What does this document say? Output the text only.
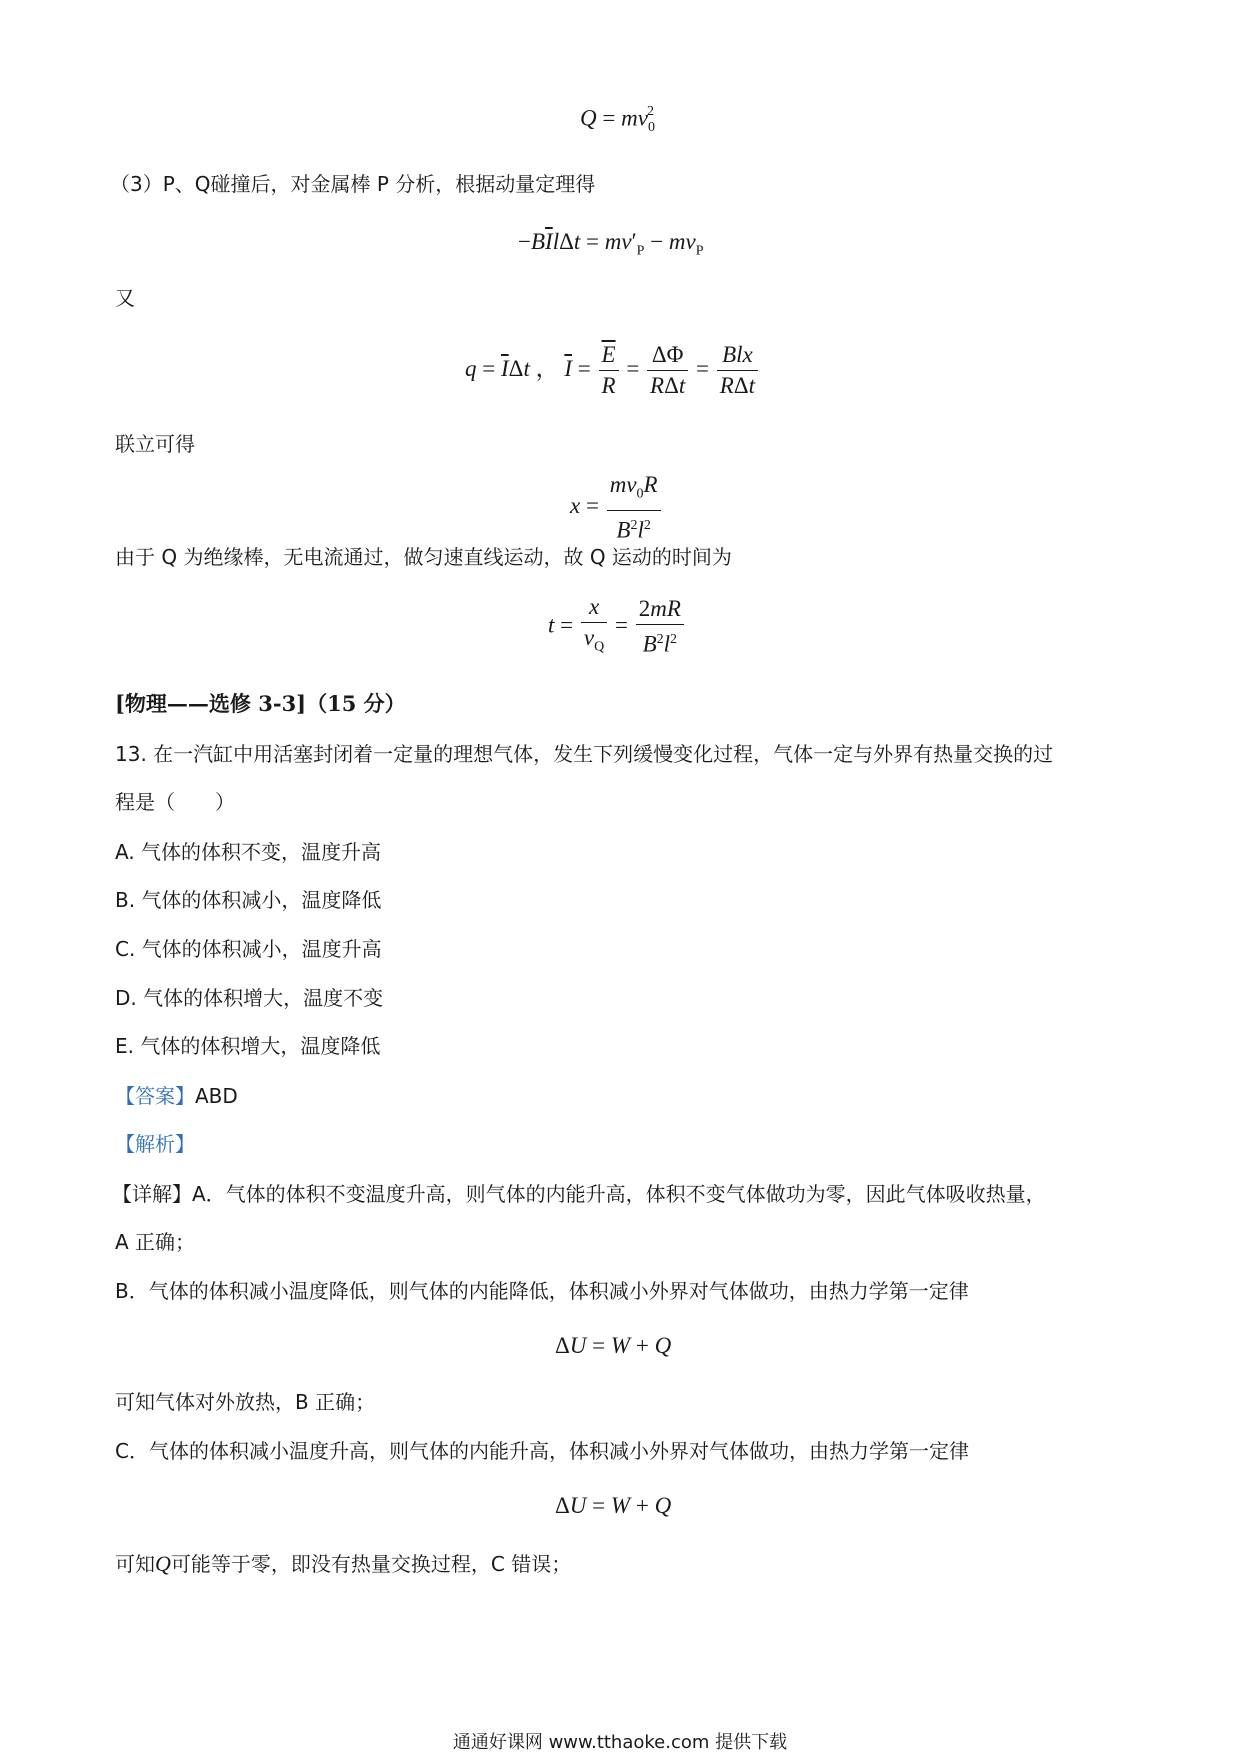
$Q = mv_0^2$
（3）P、Q碰撞后，对金属棒 P 分析，根据动量定理得
$-B\overline{I}l\Delta t = mv'_P - mv_P$
又
$q = \overline{I}\Delta t$ ， $\overline{I} = \frac{\overline{E}}{R} = \frac{\Delta\Phi}{\text{RΔt}} = \frac{\text{Blx}}{\text{RΔt}}$
联立可得
$x = \frac{mv_0R}{B^2l^2}$
由于 Q 为绝缘棒，无电流通过，做匀速直线运动，故 Q 运动的时间为
$t = \frac{x}{v_Q} = \frac{2mR}{B^2l^2}$
[物理——选修 3-3]（15 分）
13. 在一汽缸中用活塞封闭着一定量的理想气体，发生下列缓慢变化过程，气体一定与外界有热量交换的过
程是（　　）
A. 气体的体积不变，温度升高
B. 气体的体积减小，温度降低
C. 气体的体积减小，温度升高
D. 气体的体积增大，温度不变
E. 气体的体积增大，温度降低
【答案】ABD
【解析】
【详解】A．气体的体积不变温度升高，则气体的内能升高，体积不变气体做功为零，因此气体吸收热量，
A 正确；
B．气体的体积减小温度降低，则气体的内能降低，体积减小外界对气体做功，由热力学第一定律
ΔU = W + Q
可知气体对外放热，B 正确；
C．气体的体积减小温度升高，则气体的内能升高，体积减小外界对气体做功，由热力学第一定律
ΔU = W + Q
可知Q可能等于零，即没有热量交换过程，C 错误；
通通好课网 www.tthaoke.com 提供下载
